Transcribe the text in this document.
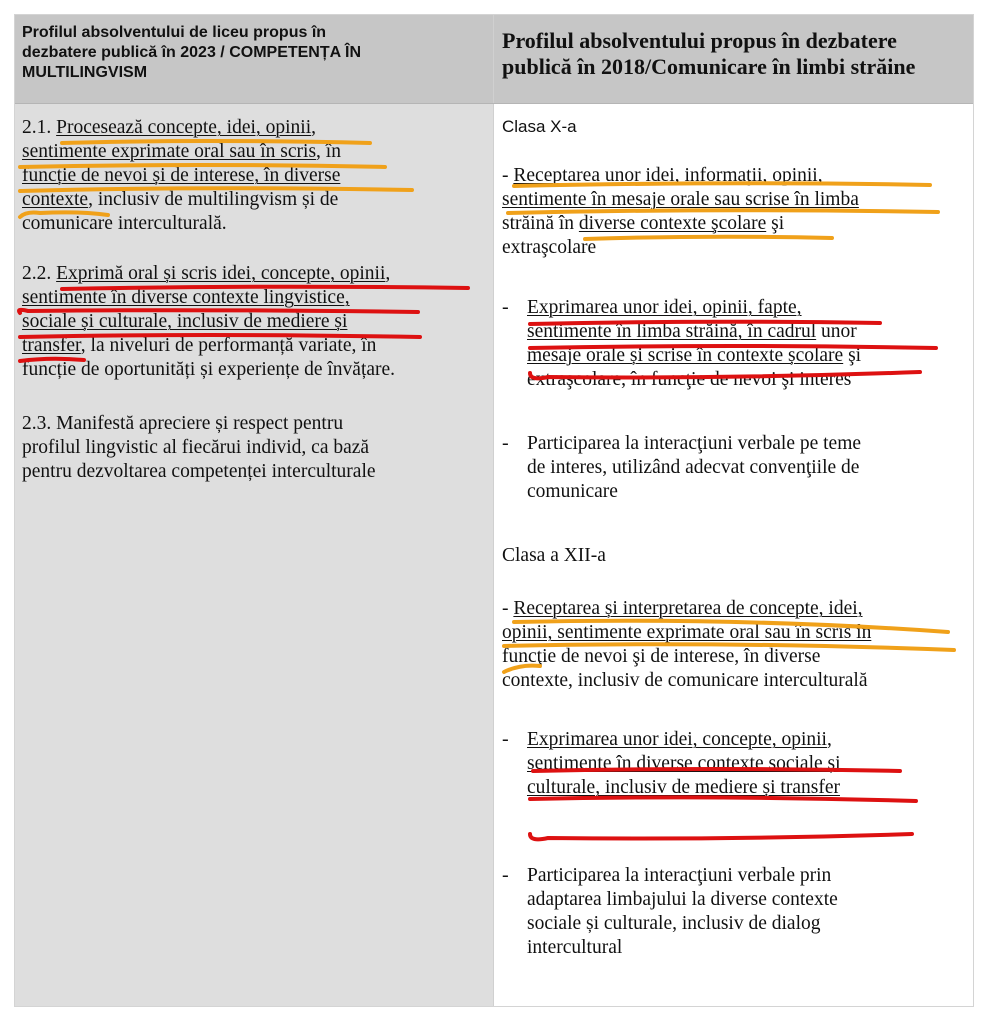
Profilul absolventului de liceu propus în
dezbatere publică în 2023 / COMPETENȚA ÎN
MULTILINGVISM
Profilul absolventului propus în dezbatere
publică în 2018/Comunicare în limbi străine
2.1. Procesează concepte, idei, opinii,
sentimente exprimate oral sau în scris, în
funcție de nevoi și de interese, în diverse
contexte, inclusiv de multilingvism și de
comunicare interculturală.
2.2. Exprimă oral și scris idei, concepte, opinii,
sentimente în diverse contexte lingvistice,
sociale și culturale, inclusiv de mediere și
transfer, la niveluri de performanță variate, în
funcție de oportunități și experiențe de învățare.
2.3. Manifestă apreciere și respect pentru
profilul lingvistic al fiecărui individ, ca bază
pentru dezvoltarea competenței interculturale
Clasa X-a
- Receptarea unor idei, informaţii, opinii,
sentimente în mesaje orale sau scrise în limba
străină în diverse contexte şcolare şi
extraşcolare
- Exprimarea unor idei, opinii, fapte,
sentimente în limba străină, în cadrul unor
mesaje orale și scrise în contexte școlare şi
extraşcolare, în funcţie de nevoi şi interes
- Participarea la interacţiuni verbale pe teme
de interes, utilizând adecvat convenţiile de
comunicare
Clasa a XII-a
- Receptarea și interpretarea de concepte, idei,
opinii, sentimente exprimate oral sau în scris în
funcţie de nevoi şi de interese, în diverse
contexte, inclusiv de comunicare interculturală
- Exprimarea unor idei, concepte, opinii,
sentimente în diverse contexte sociale și
culturale, inclusiv de mediere și transfer
- Participarea la interacţiuni verbale prin
adaptarea limbajului la diverse contexte
sociale și culturale, inclusiv de dialog
intercultural
